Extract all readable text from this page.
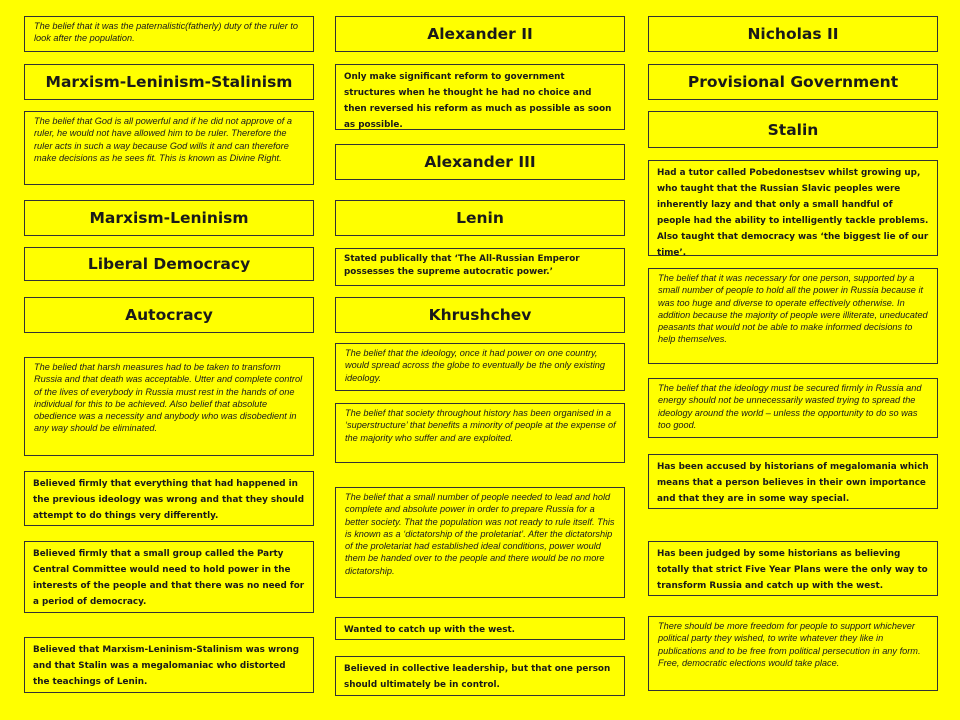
The belief that it was the paternalistic(fatherly) duty of the ruler to look after the population.
Marxism-Leninism-Stalinism
The belief that God is all powerful and if he did not approve of a ruler, he would not have allowed him to be ruler. Therefore the ruler acts in such a way because God wills it and can therefore make decisions as he sees fit. This is known as Divine Right.
Marxism-Leninism
Liberal Democracy
Autocracy
The belied that harsh measures had to be taken to transform Russia and that death was acceptable. Utter and complete control of the lives of everybody in Russia must rest in the hands of one individual for this to be achieved. Also belief that absolute obedience was a necessity and anybody who was disobedient in any way should be eliminated.
Believed firmly that everything that had happened in the previous ideology was wrong and that they should attempt to do things very differently.
Believed firmly that a small group called the Party Central Committee would need to hold power in the interests of the people and that there was no need for a period of democracy.
Believed that Marxism-Leninism-Stalinism was wrong and that Stalin was a megalomaniac who distorted the teachings of Lenin.
Alexander II
Only make significant reform to government structures when he thought he had no choice and then reversed his reform as much as possible as soon as possible.
Alexander III
Lenin
Stated publically that ‘The All-Russian Emperor possesses the supreme autocratic power.’
Khrushchev
The belief that the ideology, once it had power on one country, would spread across the globe to eventually be the only existing ideology.
The belief that society throughout history has been organised in a ‘superstructure’ that benefits a minority of people at the expense of the majority who suffer and are exploited.
The belief that a small number of people needed to lead and hold complete and absolute power in order to prepare Russia for a better society. That the population was not ready to rule itself. This is known as a ‘dictatorship of the proletariat’. After the dictatorship of the proletariat had established ideal conditions, power would them be handed over to the people and there would be no more dictatorship.
Wanted to catch up with the west.
Believed in collective leadership, but that one person should ultimately be in control.
Nicholas II
Provisional Government
Stalin
Had a tutor called Pobedonestsev whilst growing up, who taught that the Russian Slavic peoples were inherently lazy and that only a small handful of people had the ability to intelligently tackle problems. Also taught that democracy was ‘the biggest lie of our time’.
The belief that it was necessary for one person, supported by a small number of people to hold all the power in Russia because it was too huge and diverse to operate effectively otherwise. In addition because the majority of people were illiterate, uneducated peasants that would not be able to make informed decisions to help themselves.
The belief that the ideology must be secured firmly in Russia and energy should not be unnecessarily wasted trying to spread the ideology around the world – unless the opportunity to do so was too good.
Has been accused by historians of megalomania which means that a person believes in their own importance and that they are in some way special.
Has been judged by some historians as believing totally that strict Five Year Plans were the only way to transform Russia and catch up with the west.
There should be more freedom for people to support whichever political party they wished, to write whatever they like in publications and to be free from political persecution in any form. Free, democratic elections would take place.
